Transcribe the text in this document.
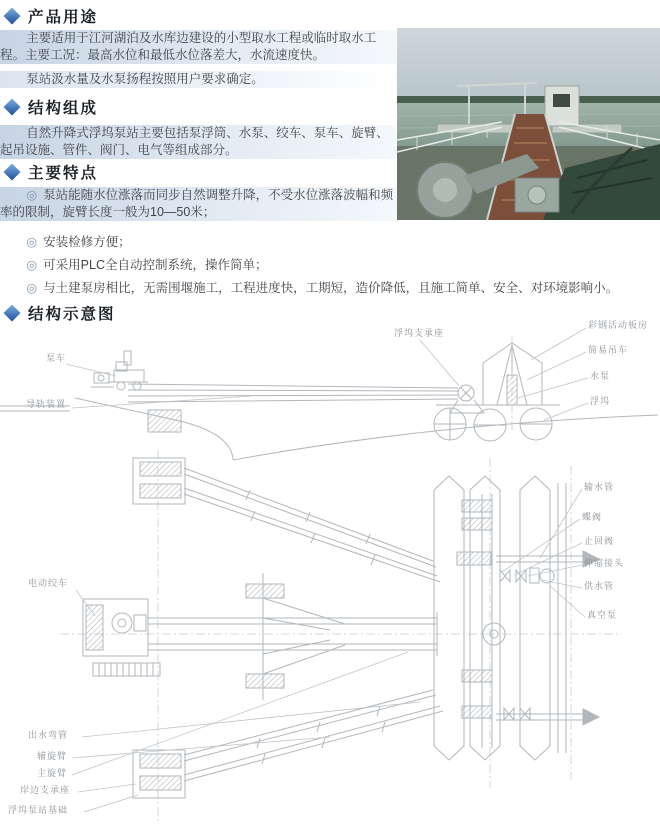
产品用途

主要适用于江河湖泊及水库边建设的小型取水工程或临时取水工程。主要工况：最高水位和最低水位落差大，水流速度快。

泵站汲水量及水泵扬程按照用户要求确定。

结构组成

自然升降式浮坞泵站主要包括泵浮筒、水泵、绞车、泵车、旋臂、起吊设施、管件、阀门、电气等组成部分。

主要特点

◎ 泵站能随水位涨落而同步自然调整升降，不受水位涨落波幅和频率的限制，旋臂长度一般为10—50米；

◎ 安装检修方便；

◎ 可采用PLC全自动控制系统，操作简单；

◎ 与土建泵房相比，无需围堰施工，工程进度快，工期短，造价降低，且施工简单、安全、对环境影响小。

结构示意图
泵车
导轨装置
浮坞支承座
彩钢活动板房
简易吊车
水泵
浮坞
输水管
蝶阀
止回阀
伸缩接头
供水管
真空泵
电动绞车
出水弯管
辅旋臂
主旋臂
岸边支承座
浮坞泵站基础
